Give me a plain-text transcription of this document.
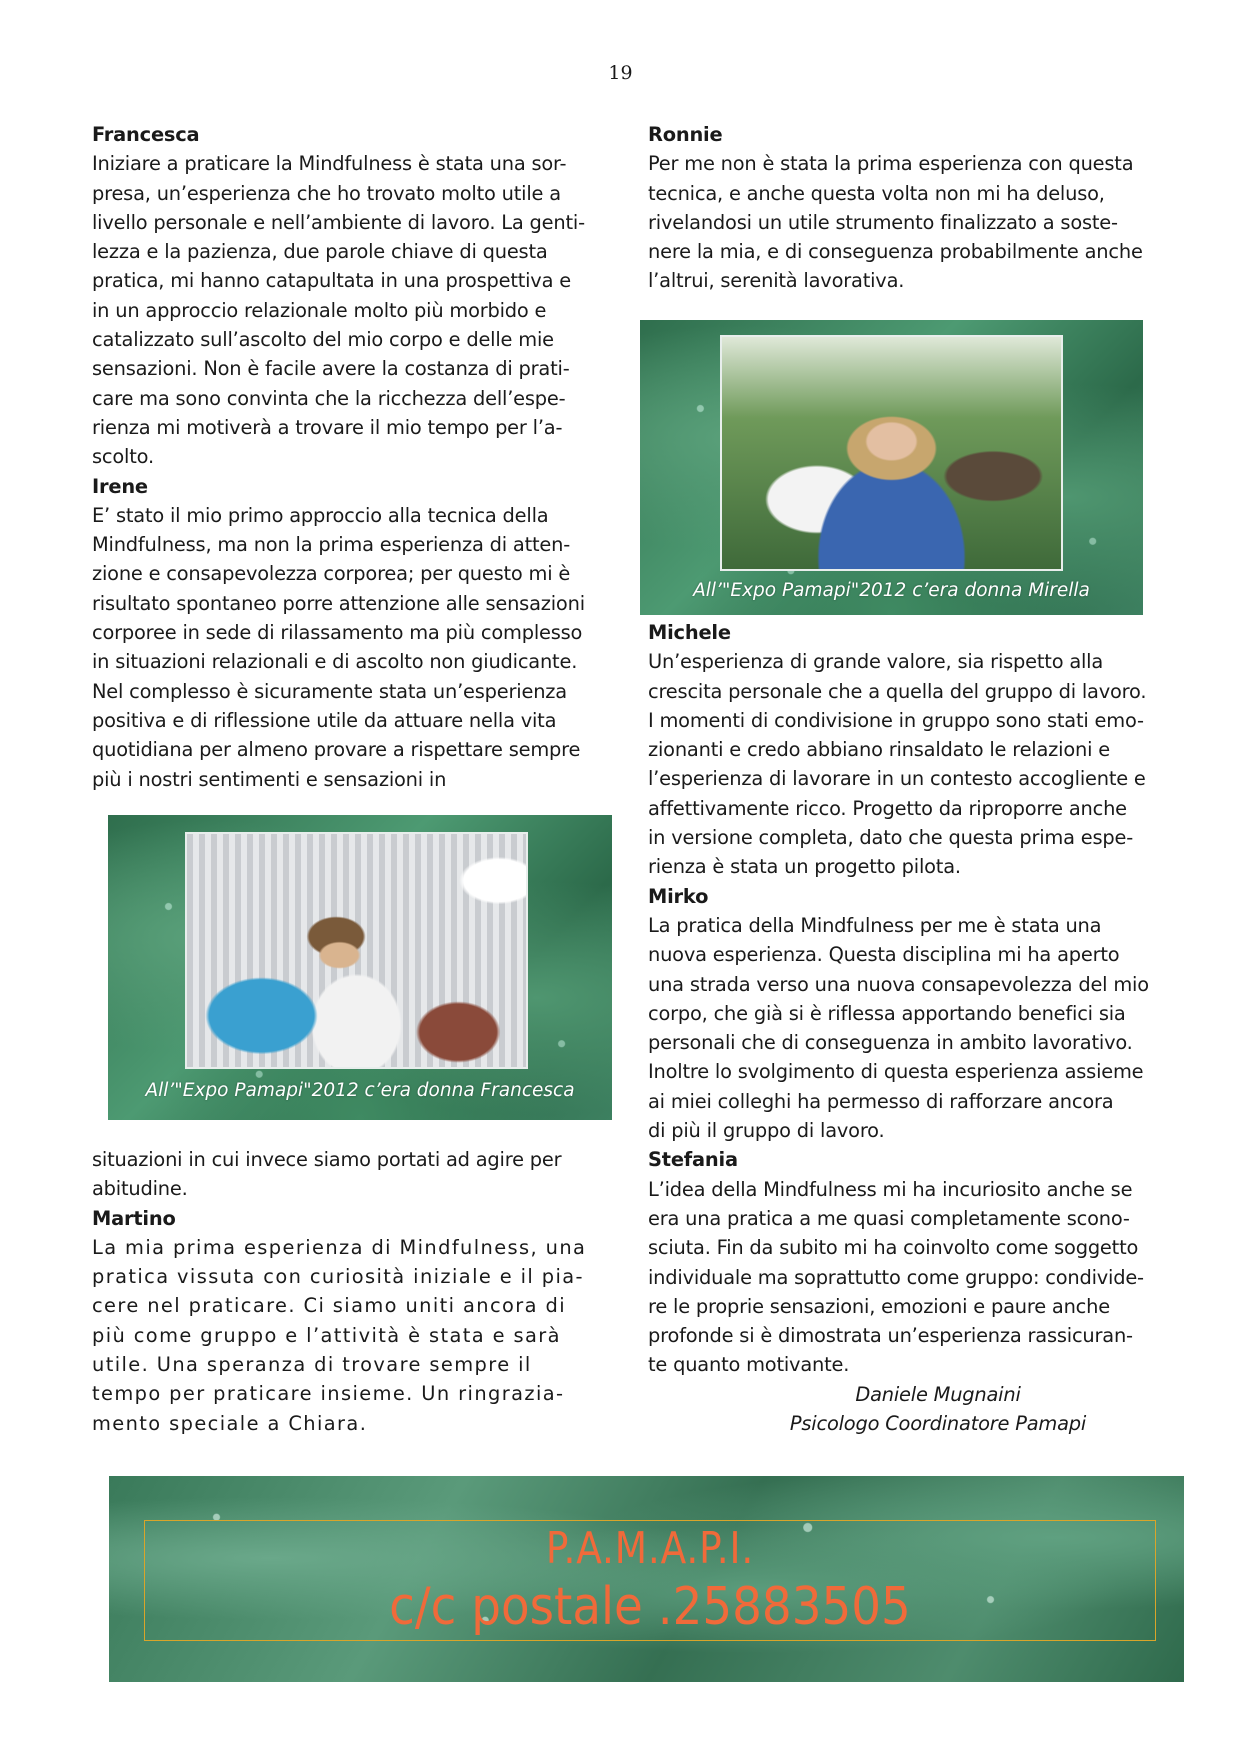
19

Francesca

Iniziare a praticare la Mindfulness è stata una sor-

presa, un’esperienza che ho trovato molto utile a

livello personale e nell’ambiente di lavoro. La genti-

lezza e la pazienza, due parole chiave di questa

pratica, mi hanno catapultata in una prospettiva e

in un approccio relazionale molto più morbido e

catalizzato sull’ascolto del mio corpo e delle mie

sensazioni. Non è facile avere la costanza di prati-

care ma sono convinta che la ricchezza dell’espe-

rienza mi motiverà a trovare il mio tempo per l’a-

scolto.

Irene

E’ stato il mio primo approccio alla tecnica della

Mindfulness, ma non la prima esperienza di atten-

zione e consapevolezza corporea; per questo mi è

risultato spontaneo porre attenzione alle sensazioni

corporee in sede di rilassamento ma più complesso

in situazioni relazionali e di ascolto non giudicante.

Nel complesso è sicuramente stata un’esperienza

positiva e di riflessione utile da attuare nella vita

quotidiana per almeno provare a rispettare sempre

più i nostri sentimenti e sensazioni in

All’"Expo Pamapi"2012 c’era donna Francesca

situazioni in cui invece siamo portati ad agire per

abitudine.

Martino

La mia prima esperienza di Mindfulness, una

pratica vissuta con curiosità iniziale e il pia-

cere nel praticare. Ci siamo uniti ancora di

più come gruppo e l’attività è stata e sarà

utile. Una speranza di trovare sempre il

tempo per praticare insieme. Un ringrazia-

mento speciale a Chiara.

Ronnie

Per me non è stata la prima esperienza con questa

tecnica, e anche questa volta non mi ha deluso,

rivelandosi un utile strumento finalizzato a soste-

nere la mia, e di conseguenza probabilmente anche

l’altrui, serenità lavorativa.

All’"Expo Pamapi"2012 c’era donna Mirella

Michele

Un’esperienza di grande valore, sia rispetto alla

crescita personale che a quella del gruppo di lavoro.

I momenti di condivisione in gruppo sono stati emo-

zionanti e credo abbiano rinsaldato le relazioni e

l’esperienza di lavorare in un contesto accogliente e

affettivamente ricco. Progetto da riproporre anche

in versione completa, dato che questa prima espe-

rienza è stata un progetto pilota.

Mirko

La pratica della Mindfulness per me è stata una

nuova esperienza. Questa disciplina mi ha aperto

una strada verso una nuova consapevolezza del mio

corpo, che già si è riflessa apportando benefici sia

personali che di conseguenza in ambito lavorativo.

Inoltre lo svolgimento di questa esperienza assieme

ai miei colleghi ha permesso di rafforzare ancora

di più il gruppo di lavoro.

Stefania

L’idea della Mindfulness mi ha incuriosito anche se

era una pratica a me quasi completamente scono-

sciuta. Fin da subito mi ha coinvolto come soggetto

individuale ma soprattutto come gruppo: condivide-

re le proprie sensazioni, emozioni e paure anche

profonde si è dimostrata un’esperienza rassicuran-

te quanto motivante.

Daniele Mugnaini

Psicologo Coordinatore Pamapi

P.A.M.A.P.I.
c/c postale .25883505
